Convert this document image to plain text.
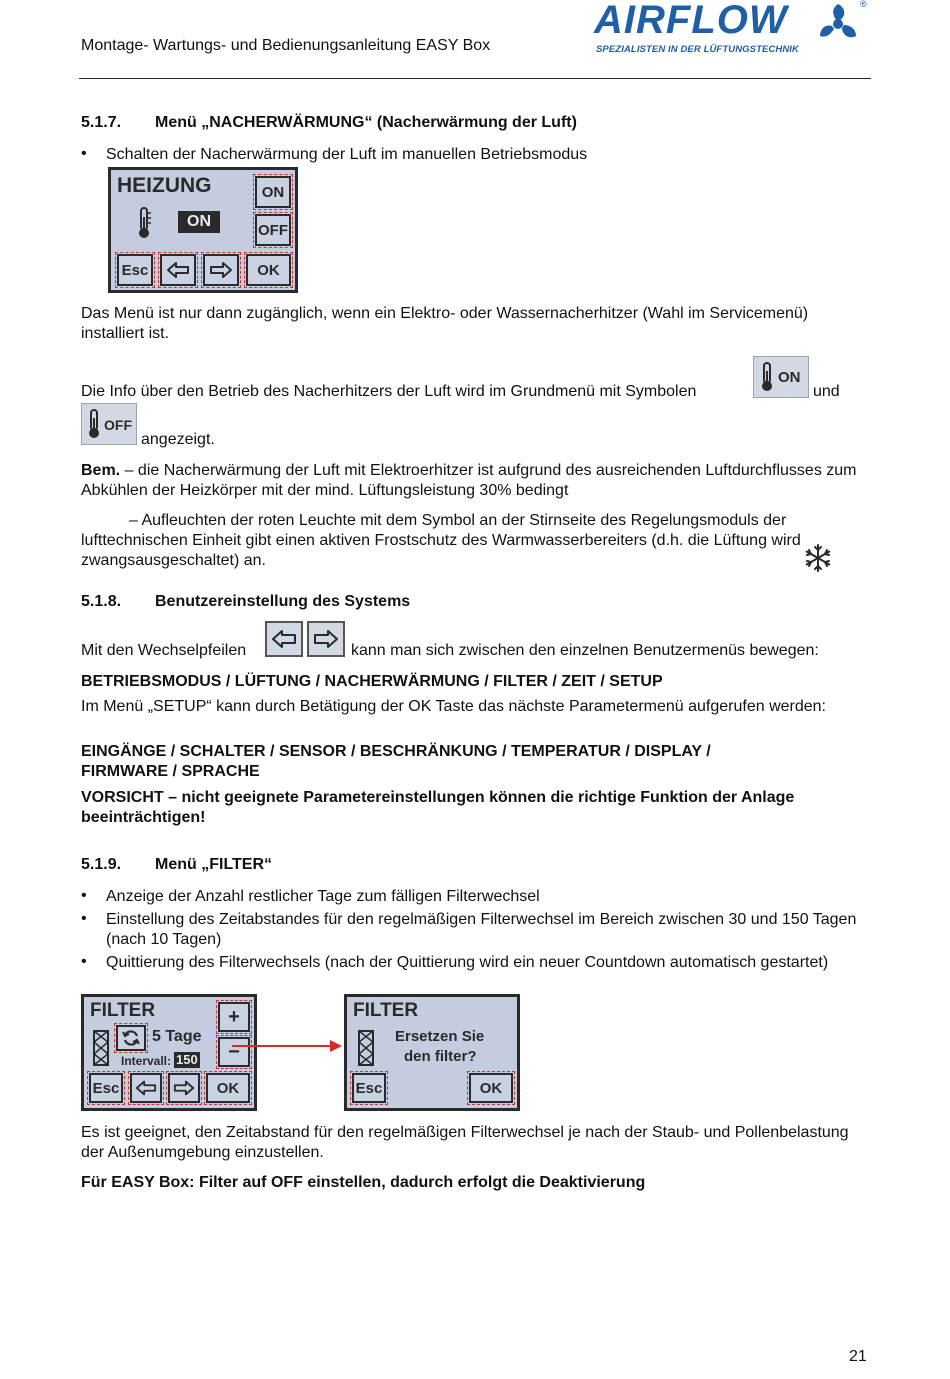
Montage- Wartungs- und Bedienungsanleitung EASY Box
AIRFLOW	®
SPEZIALISTEN IN DER LÜFTUNGSTECHNIK
5.1.7. Menü „NACHERWÄRMUNG“ (Nacherwärmung der Luft)
•	Schalten der Nacherwärmung der Luft im manuellen Betriebsmodus
HEIZUNG
ON
ON
OFF
Esc	OK
Das Menü ist nur dann zugänglich, wenn ein Elektro- oder Wassernacherhitzer (Wahl im Servicemenü) installiert ist.
Die Info über den Betrieb des Nacherhitzers der Luft wird im Grundmenü mit Symbolen
ON
und
OFF
angezeigt.
Bem. – die Nacherwärmung der Luft mit Elektroerhitzer ist aufgrund des ausreichenden Luftdurchflusses zum Abkühlen der Heizkörper mit der mind. Lüftungsleistung 30% bedingt
– Aufleuchten der roten Leuchte mit dem Symbol an der Stirnseite des Regelungsmoduls der lufttechnischen Einheit gibt einen aktiven Frostschutz des Warmwasserbereiters (d.h. die Lüftung wird zwangsausgeschaltet) an.
5.1.8. Benutzereinstellung des Systems
Mit den Wechselpfeilen	kann man sich zwischen den einzelnen Benutzermenüs bewegen:
BETRIEBSMODUS / LÜFTUNG / NACHERWÄRMUNG / FILTER / ZEIT / SETUP
Im Menü „SETUP“ kann durch Betätigung der OK Taste das nächste Parametermenü aufgerufen werden:
EINGÄNGE / SCHALTER / SENSOR / BESCHRÄNKUNG / TEMPERATUR / DISPLAY / FIRMWARE / SPRACHE
VORSICHT – nicht geeignete Parametereinstellungen können die richtige Funktion der Anlage beeinträchtigen!
5.1.9. Menü „FILTER“
•	Anzeige der Anzahl restlicher Tage zum fälligen Filterwechsel
•	Einstellung des Zeitabstandes für den regelmäßigen Filterwechsel im Bereich zwischen 30 und 150 Tagen (nach 10 Tagen)
•	Quittierung des Filterwechsels (nach der Quittierung wird ein neuer Countdown automatisch gestartet)
FILTER
5 Tage
Intervall: 150
+
−
Esc	OK
FILTER
Ersetzen Sie
den filter?
Esc	OK
Es ist geeignet, den Zeitabstand für den regelmäßigen Filterwechsel je nach der Staub- und Pollenbelastung der Außenumgebung einzustellen.
Für EASY Box: Filter auf OFF einstellen, dadurch erfolgt die Deaktivierung
21
